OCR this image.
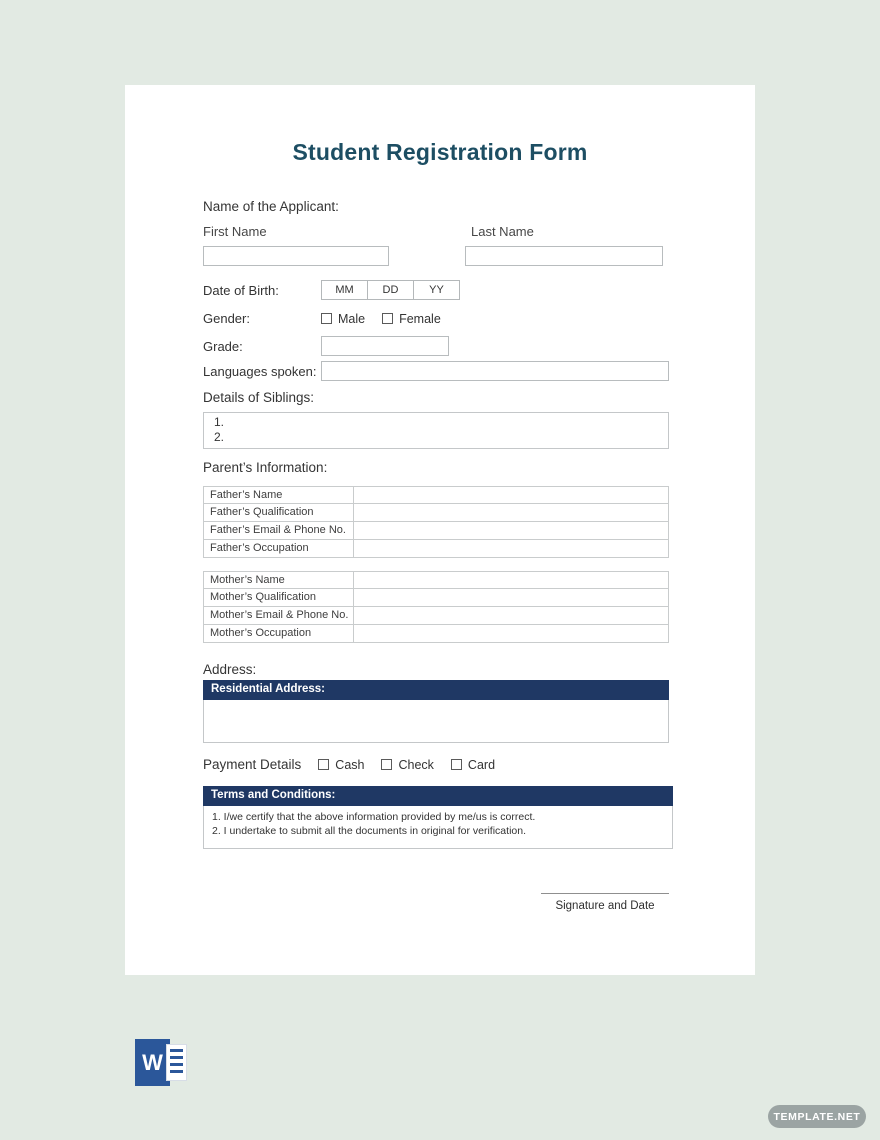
Student Registration Form
Name of the Applicant:
First Name	Last Name
Date of Birth:	MM	DD	YY
Gender:	Male	Female
Grade:
Languages spoken:
Details of Siblings:
1.
2.
Parent’s Information:
Father’s Name
Father’s Qualification
Father’s Email & Phone No.
Father’s Occupation
Mother’s Name
Mother’s Qualification
Mother’s Email & Phone No.
Mother’s Occupation
Address:
Residential Address:
Payment Details	Cash	Check	Card
Terms and Conditions:
1. I/we certify that the above information provided by me/us is correct.
2. I undertake to submit all the documents in original for verification.
Signature and Date
W
TEMPLATE.NET
